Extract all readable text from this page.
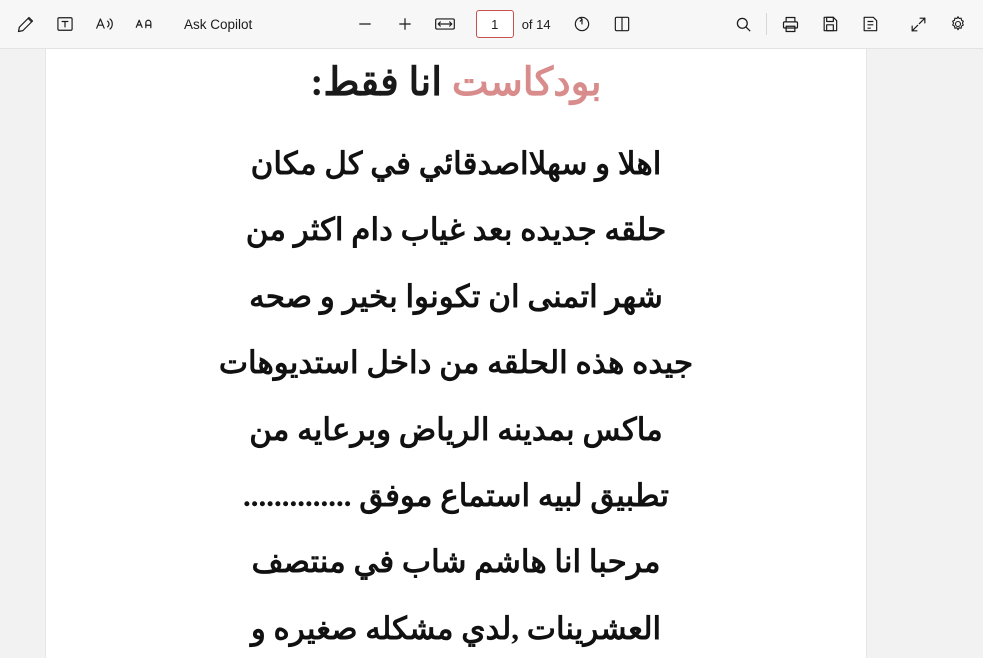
Ask Copilot
1	of 14
بودكاست انا فقط:

اهلا و سهلااصدقائي في كل مكان

حلقه جديده بعد غياب دام اكثر من

شهر اتمنى ان تكونوا بخير و صحه

جيده هذه الحلقه من داخل استديوهات

ماكس بمدينه الرياض وبرعايه من

تطبيق لبيه استماع موفق ..............

مرحبا انا هاشم شاب في منتصف

العشرينات ,لدي مشكله صغيره و
